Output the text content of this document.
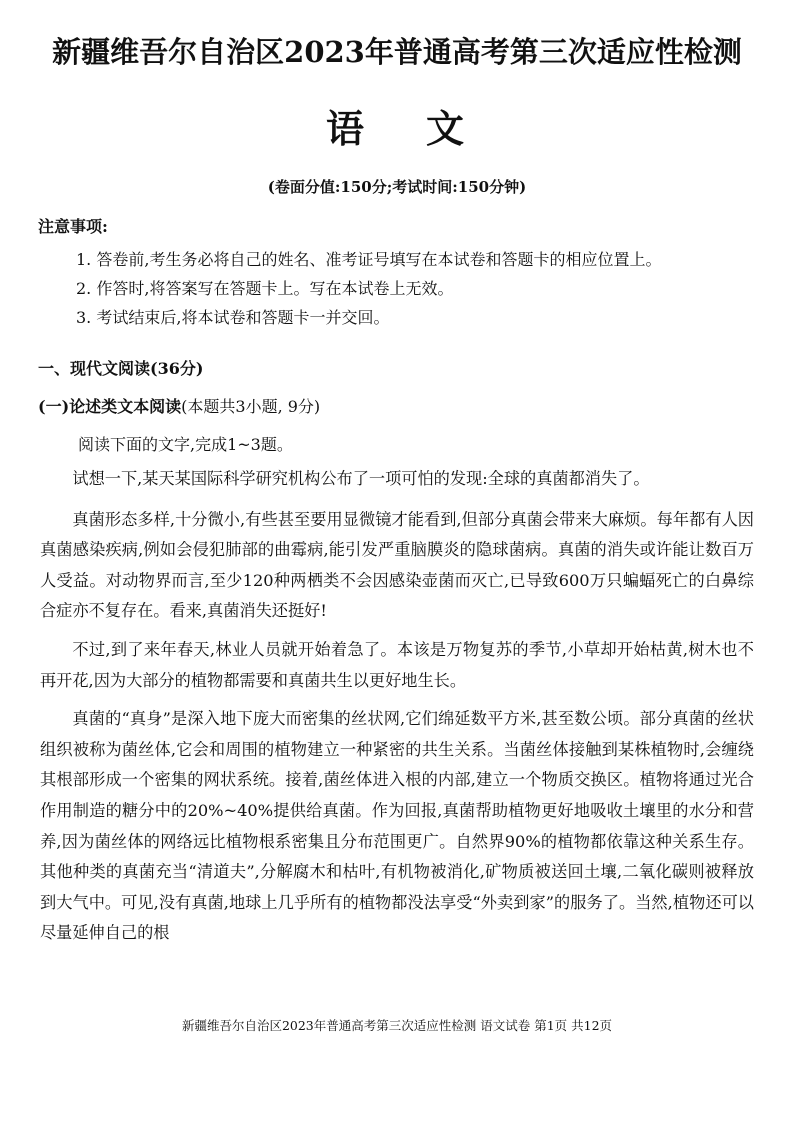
新疆维吾尔自治区2023年普通高考第三次适应性检测
语 文
(卷面分值:150分;考试时间:150分钟)
注意事项:
1. 答卷前,考生务必将自己的姓名、准考证号填写在本试卷和答题卡的相应位置上。
2. 作答时,将答案写在答题卡上。写在本试卷上无效。
3. 考试结束后,将本试卷和答题卡一并交回。
一、现代文阅读(36分)
(一)论述类文本阅读(本题共3小题, 9分)
阅读下面的文字,完成1~3题。

试想一下,某天某国际科学研究机构公布了一项可怕的发现:全球的真菌都消失了。

真菌形态多样,十分微小,有些甚至要用显微镜才能看到,但部分真菌会带来大麻烦。每年都有人因真菌感染疾病,例如会侵犯肺部的曲霉病,能引发严重脑膜炎的隐球菌病。真菌的消失或许能让数百万人受益。对动物界而言,至少120种两栖类不会因感染壶菌而灭亡,已导致600万只蝙蝠死亡的白鼻综合症亦不复存在。看来,真菌消失还挺好!

不过,到了来年春天,林业人员就开始着急了。本该是万物复苏的季节,小草却开始枯黄,树木也不再开花,因为大部分的植物都需要和真菌共生以更好地生长。

真菌的“真身”是深入地下庞大而密集的丝状网,它们绵延数平方米,甚至数公顷。部分真菌的丝状组织被称为菌丝体,它会和周围的植物建立一种紧密的共生关系。当菌丝体接触到某株植物时,会缠绕其根部形成一个密集的网状系统。接着,菌丝体进入根的内部,建立一个物质交换区。植物将通过光合作用制造的糖分中的20%~40%提供给真菌。作为回报,真菌帮助植物更好地吸收土壤里的水分和营养,因为菌丝体的网络远比植物根系密集且分布范围更广。自然界90%的植物都依靠这种关系生存。其他种类的真菌充当“清道夫”,分解腐木和枯叶,有机物被消化,矿物质被送回土壤,二氧化碳则被释放到大气中。可见,没有真菌,地球上几乎所有的植物都没法享受“外卖到家”的服务了。当然,植物还可以尽量延伸自己的根

新疆维吾尔自治区2023年普通高考第三次适应性检测 语文试卷 第1页 共12页
